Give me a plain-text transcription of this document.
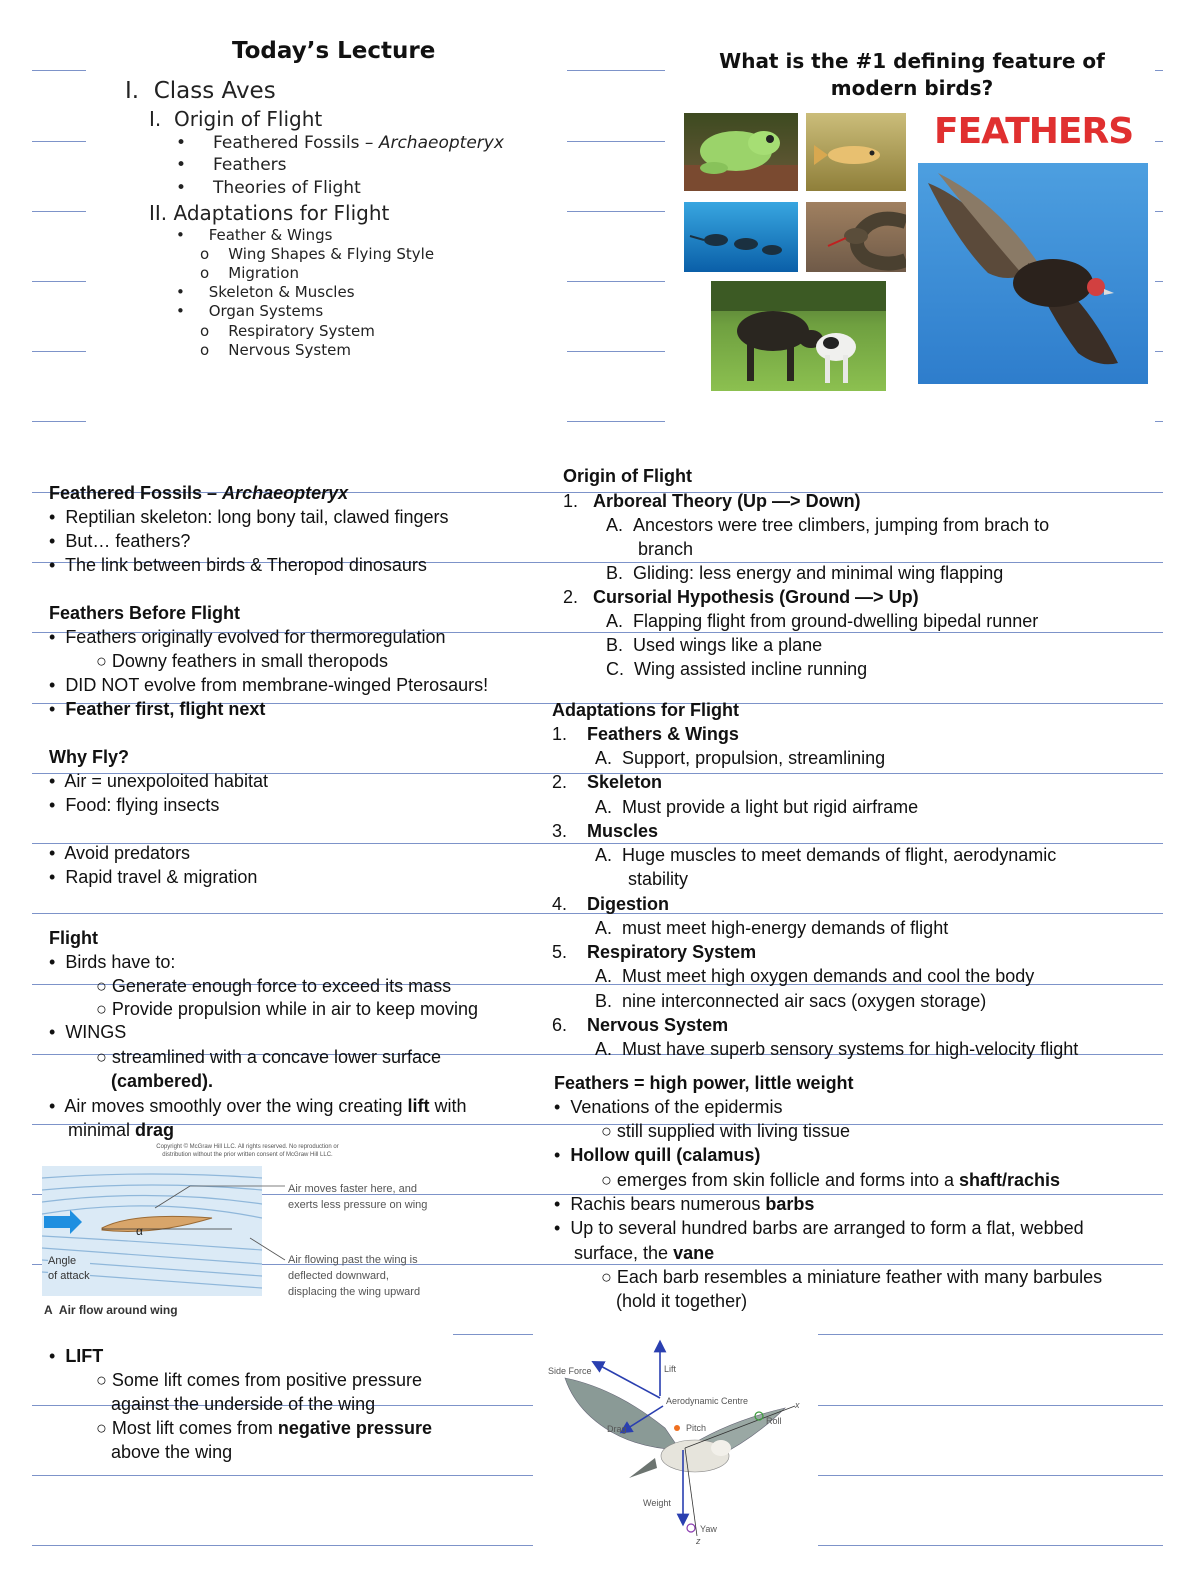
Today’s Lecture
I. Class Aves
I. Origin of Flight
•     Feathered Fossils – Archaeopteryx
•     Feathers
•     Theories of Flight
II. Adaptations for Flight
•     Feather & Wings
o    Wing Shapes & Flying Style
o    Migration
•     Skeleton & Muscles
•     Organ Systems
o    Respiratory System
o    Nervous System
What is the #1 defining feature of
modern birds?
FEATHERS
Feathered Fossils – Archaeopteryx
•  Reptilian skeleton: long bony tail, clawed fingers
•  But… feathers?
•  The link between birds & Theropod dinosaurs
Feathers Before Flight
•  Feathers originally evolved for thermoregulation
○ Downy feathers in small theropods
•  DID NOT evolve from membrane-winged Pterosaurs!
•  Feather first, flight next
Why Fly?
•  Air = unexpoloited habitat
•  Food: flying insects
•  Avoid predators
•  Rapid travel & migration
Flight
•  Birds have to:
○ Generate enough force to exceed its mass
○ Provide propulsion while in air to keep moving
•  WINGS
○ streamlined with a concave lower surface
(cambered).
•  Air moves smoothly over the wing creating lift with
minimal drag
•  LIFT
○ Some lift comes from positive pressure
against the underside of the wing
○ Most lift comes from negative pressure
above the wing
Copyright © McGraw Hill LLC. All rights reserved. No reproduction or
distribution without the prior written consent of McGraw Hill LLC.
α
Angle
of attack
Air moves faster here, and
exerts less pressure on wing
Air flowing past the wing is
deflected downward,
displacing the wing upward
A Air flow around wing
Origin of Flight
1. Arboreal Theory (Up —> Down)
A. Ancestors were tree climbers, jumping from brach to
branch
B. Gliding: less energy and minimal wing flapping
2. Cursorial Hypothesis (Ground —> Up)
A. Flapping flight from ground-dwelling bipedal runner
B. Used wings like a plane
C. Wing assisted incline running
Adaptations for Flight
1. Feathers & Wings
A. Support, propulsion, streamlining
2. Skeleton
A. Must provide a light but rigid airframe
3. Muscles
A. Huge muscles to meet demands of flight, aerodynamic
stability
4. Digestion
A. must meet high-energy demands of flight
5. Respiratory System
A. Must meet high oxygen demands and cool the body
B. nine interconnected air sacs (oxygen storage)
6. Nervous System
A. Must have superb sensory systems for high-velocity flight
Feathers = high power, little weight
•  Venations of the epidermis
○ still supplied with living tissue
•  Hollow quill (calamus)
○ emerges from skin follicle and forms into a shaft/rachis
•  Rachis bears numerous barbs
•  Up to several hundred barbs are arranged to form a flat, webbed
surface, the vane
○ Each barb resembles a miniature feather with many barbules
(hold it together)
Lift
Side Force
Aerodynamic Centre
Pitch
Roll
Drag
Weight
Yaw
x
z
